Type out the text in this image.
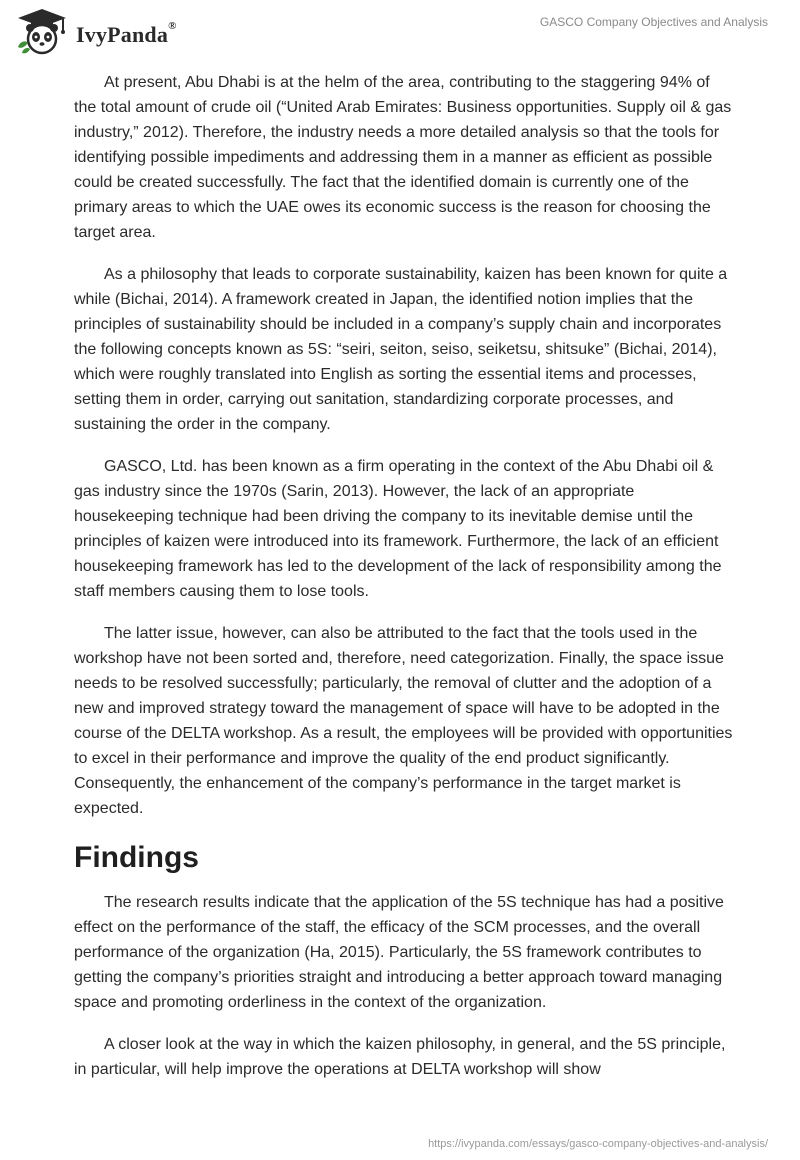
IvyPanda®	GASCO Company Objectives and Analysis

At present, Abu Dhabi is at the helm of the area, contributing to the staggering 94% of the total amount of crude oil (“United Arab Emirates: Business opportunities. Supply oil & gas industry,” 2012). Therefore, the industry needs a more detailed analysis so that the tools for identifying possible impediments and addressing them in a manner as efficient as possible could be created successfully. The fact that the identified domain is currently one of the primary areas to which the UAE owes its economic success is the reason for choosing the target area.

As a philosophy that leads to corporate sustainability, kaizen has been known for quite a while (Bichai, 2014). A framework created in Japan, the identified notion implies that the principles of sustainability should be included in a company’s supply chain and incorporates the following concepts known as 5S: “seiri, seiton, seiso, seiketsu, shitsuke” (Bichai, 2014), which were roughly translated into English as sorting the essential items and processes, setting them in order, carrying out sanitation, standardizing corporate processes, and sustaining the order in the company.

GASCO, Ltd. has been known as a firm operating in the context of the Abu Dhabi oil & gas industry since the 1970s (Sarin, 2013). However, the lack of an appropriate housekeeping technique had been driving the company to its inevitable demise until the principles of kaizen were introduced into its framework. Furthermore, the lack of an efficient housekeeping framework has led to the development of the lack of responsibility among the staff members causing them to lose tools.

The latter issue, however, can also be attributed to the fact that the tools used in the workshop have not been sorted and, therefore, need categorization. Finally, the space issue needs to be resolved successfully; particularly, the removal of clutter and the adoption of a new and improved strategy toward the management of space will have to be adopted in the course of the DELTA workshop. As a result, the employees will be provided with opportunities to excel in their performance and improve the quality of the end product significantly. Consequently, the enhancement of the company’s performance in the target market is expected.

Findings

The research results indicate that the application of the 5S technique has had a positive effect on the performance of the staff, the efficacy of the SCM processes, and the overall performance of the organization (Ha, 2015). Particularly, the 5S framework contributes to getting the company’s priorities straight and introducing a better approach toward managing space and promoting orderliness in the context of the organization.

A closer look at the way in which the kaizen philosophy, in general, and the 5S principle, in particular, will help improve the operations at DELTA workshop will show

https://ivypanda.com/essays/gasco-company-objectives-and-analysis/
